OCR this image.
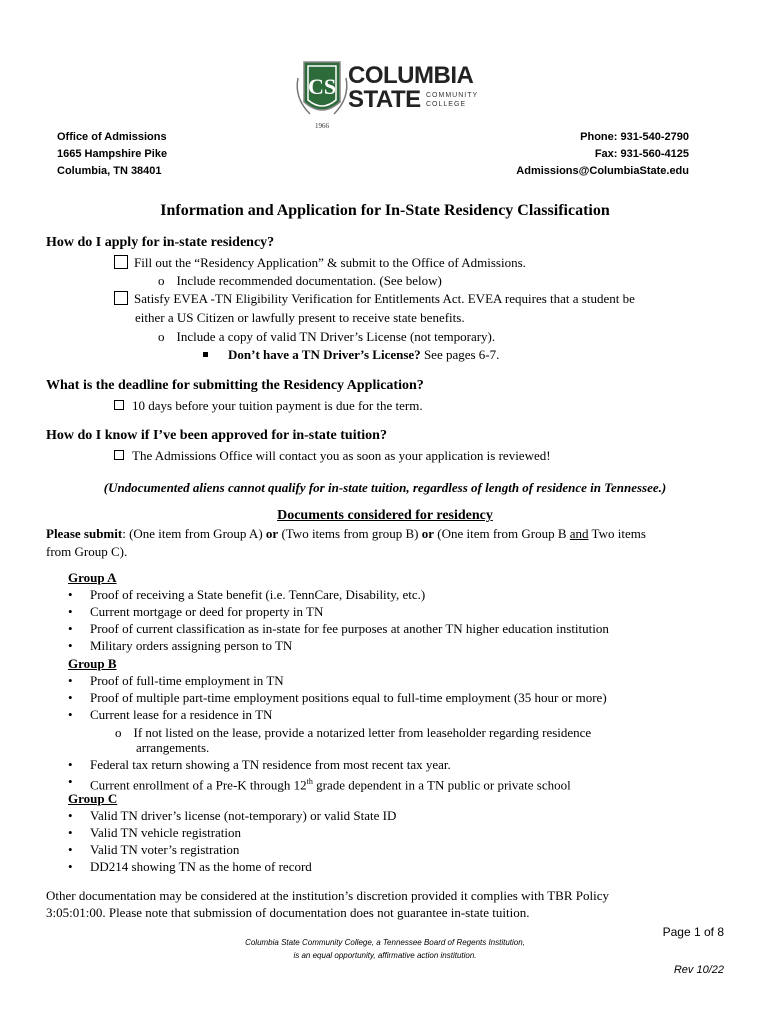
CS
1966
COLUMBIA
STATE COMMUNITY
COLLEGE
Office of Admissions
1665 Hampshire Pike
Columbia, TN 38401
Phone: 931-540-2790
Fax: 931-560-4125
Admissions@ColumbiaState.edu
Information and Application for In-State Residency Classification
How do I apply for in-state residency?
Fill out the “Residency Application” & submit to the Office of Admissions.
o Include recommended documentation. (See below)
Satisfy EVEA -TN Eligibility Verification for Entitlements Act. EVEA requires that a student be
either a US Citizen or lawfully present to receive state benefits.
o Include a copy of valid TN Driver’s License (not temporary).
Don’t have a TN Driver’s License? See pages 6-7.
What is the deadline for submitting the Residency Application?
10 days before your tuition payment is due for the term.
How do I know if I’ve been approved for in-state tuition?
The Admissions Office will contact you as soon as your application is reviewed!
(Undocumented aliens cannot qualify for in-state tuition, regardless of length of residence in Tennessee.)
Documents considered for residency
Please submit: (One item from Group A) or (Two items from group B) or (One item from Group B and Two items
from Group C).
Group A
• Proof of receiving a State benefit (i.e. TennCare, Disability, etc.)
• Current mortgage or deed for property in TN
• Proof of current classification as in-state for fee purposes at another TN higher education institution
• Military orders assigning person to TN
Group B
• Proof of full-time employment in TN
• Proof of multiple part-time employment positions equal to full-time employment (35 hour or more)
• Current lease for a residence in TN
o If not listed on the lease, provide a notarized letter from leaseholder regarding residence
arrangements.
• Federal tax return showing a TN residence from most recent tax year.
• Current enrollment of a Pre-K through 12th grade dependent in a TN public or private school
Group C
• Valid TN driver’s license (not-temporary) or valid State ID
• Valid TN vehicle registration
• Valid TN voter’s registration
• DD214 showing TN as the home of record
Other documentation may be considered at the institution’s discretion provided it complies with TBR Policy
3:05:01:00. Please note that submission of documentation does not guarantee in-state tuition.
Page 1 of 8
Columbia State Community College, a Tennessee Board of Regents Institution,
is an equal opportunity, affirmative action institution.
Rev 10/22
